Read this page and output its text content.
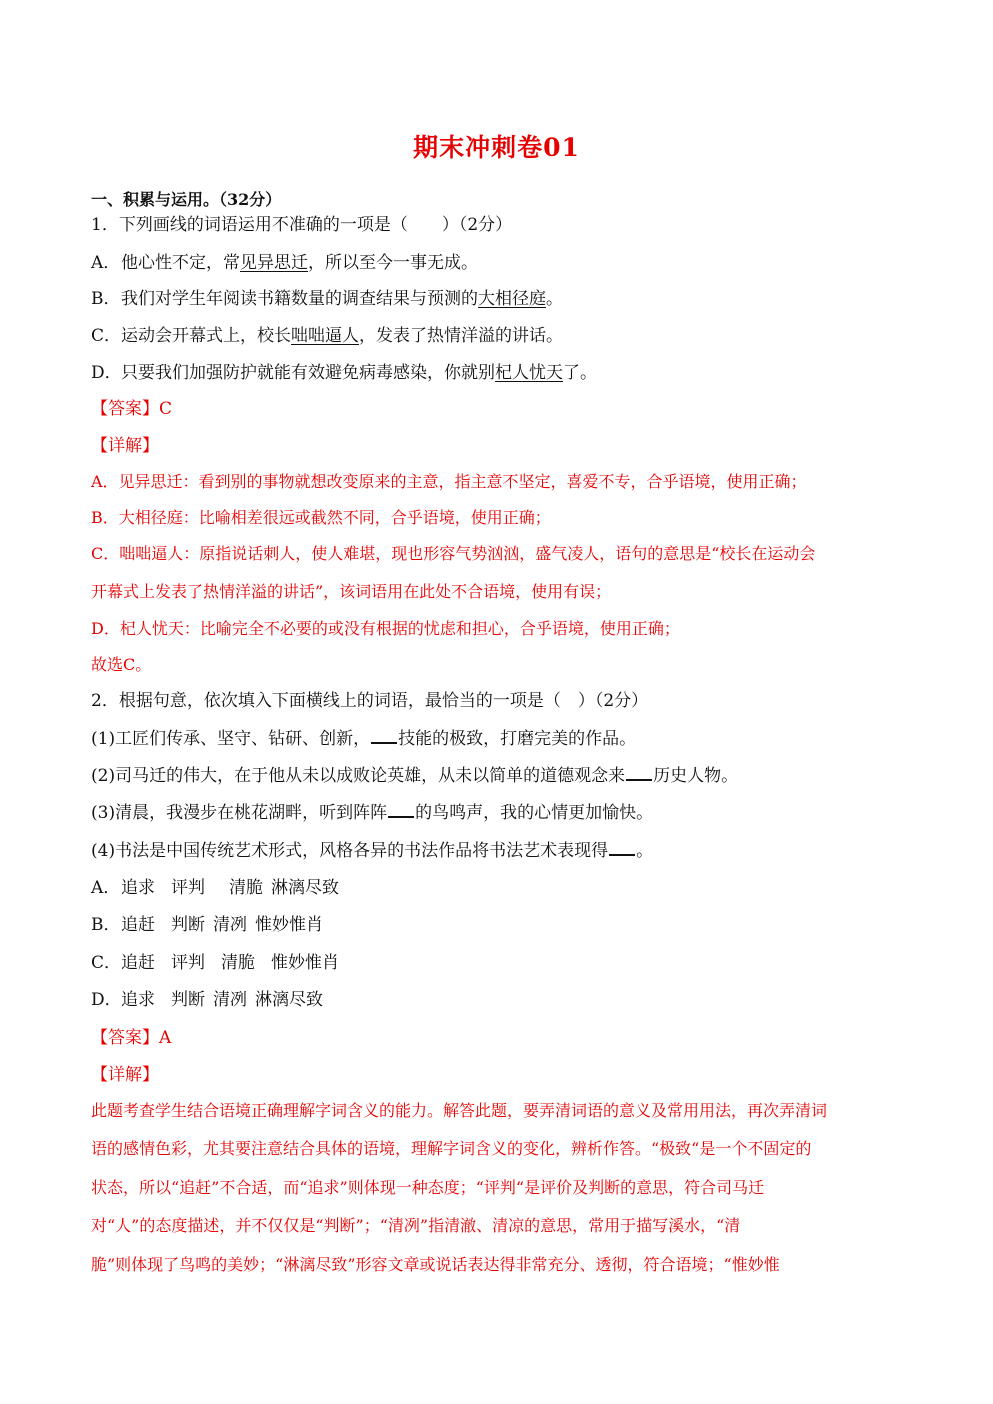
期末冲刺卷01
一、积累与运用。（32分）
1．下列画线的词语运用不准确的一项是（　　）（2分）
A．他心性不定，常见异思迁，所以至今一事无成。
B．我们对学生年阅读书籍数量的调查结果与预测的大相径庭。
C．运动会开幕式上，校长咄咄逼人，发表了热情洋溢的讲话。
D．只要我们加强防护就能有效避免病毒感染，你就别杞人忧天了。
【答案】C
【详解】
A．见异思迁：看到别的事物就想改变原来的主意，指主意不坚定，喜爱不专，合乎语境，使用正确；
B．大相径庭：比喻相差很远或截然不同，合乎语境，使用正确；
C．咄咄逼人：原指说话刺人，使人难堪，现也形容气势汹汹，盛气凌人，语句的意思是“校长在运动会
开幕式上发表了热情洋溢的讲话”，该词语用在此处不合语境，使用有误；
D．杞人忧天：比喻完全不必要的或没有根据的忧虑和担心，合乎语境，使用正确；
故选C。
2．根据句意，依次填入下面横线上的词语，最恰当的一项是（　）（2分）
(1)工匠们传承、坚守、钻研、创新， 技能的极致，打磨完美的作品。
(2)司马迁的伟大，在于他从未以成败论英雄，从未以简单的道德观念来 历史人物。
(3)清晨，我漫步在桃花湖畔，听到阵阵 的鸟鸣声，我的心情更加愉快。
(4)书法是中国传统艺术形式，风格各异的书法作品将书法艺术表现得 。
A．追求 评判 清脆 淋漓尽致
B．追赶 判断 清冽 惟妙惟肖
C．追赶 评判 清脆 惟妙惟肖
D．追求 判断 清冽 淋漓尽致
【答案】A
【详解】
此题考查学生结合语境正确理解字词含义的能力。解答此题，要弄清词语的意义及常用用法，再次弄清词
语的感情色彩，尤其要注意结合具体的语境，理解字词含义的变化，辨析作答。“极致“是一个不固定的
状态，所以“追赶”不合适，而“追求”则体现一种态度；“评判“是评价及判断的意思，符合司马迁
对“人”的态度描述，并不仅仅是“判断”；“清冽”指清澈、清凉的意思，常用于描写溪水，“清
脆”则体现了鸟鸣的美妙；“淋漓尽致”形容文章或说话表达得非常充分、透彻，符合语境；“惟妙惟
